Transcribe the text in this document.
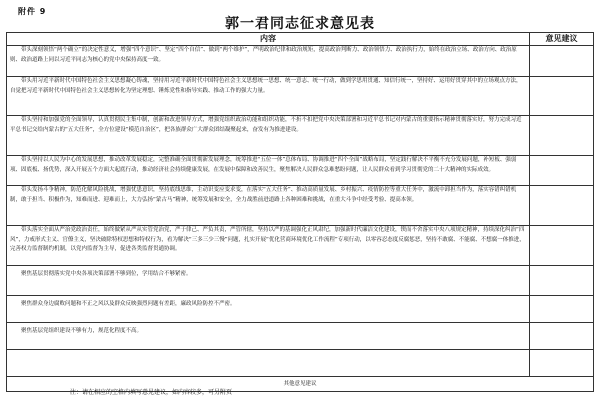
附件 9
郭一君同志征求意见表
内容	意见建议

带头深刻领悟“两个确立”的决定性意义，增强“四个意识”、坚定“四个自信”、做到“两个维护”，严明政治纪律和政治规矩，提高政治判断力、政治领悟力、政治执行力，始终在政治立场、政治方向、政治原则、政治道路上同以习近平同志为核心的党中央保持高度一致。	

带头用习近平新时代中国特色社会主义思想凝心铸魂，坚持用习近平新时代中国特色社会主义思想统一思想、统一意志、统一行动，做到学思用贯通、知信行统一，坚持好、运用好贯穿其中的立场观点方法，自觉把习近平新时代中国特色社会主义思想转化为坚定理想、锤炼党性和指导实践、推动工作的强大力量。	

带头坚持和加强党的全面领导，认真贯彻民主集中制，创新和改进领导方式，增强党组织政治功能和组织功能，不折不扣把党中央决策部署和习近平总书记对内蒙古的重要指示精神贯彻落实好，努力完成习近平总书记交给内蒙古的“五大任务”，全方位建设“模范自治区”，把各族群众广大群众团结凝聚起来，奋发有为推进建设。	

带头坚持以人民为中心的发展思想，推动改革发展稳定，完整准确全面贯彻新发展理念，统筹推进“五位一体”总体布局、协调推进“四个全面”战略布局，坚定践行解决不平衡不充分发展问题，补短板、强弱项、固底板、扬优势，深入开展五个方面大起底行动，推动经济社会持续健康发展，在发展中保障和改善民生，聚焦解决人民群众急难愁盼问题，让人民群众看到学习贯彻党的二十大精神的实际成效。	

带头发扬斗争精神，防范化解风险挑战，增强忧患意识，坚持底线思维，主动识变应变求变，在落实“五大任务”、推动高质量发展、乡村振兴、疫情防控等重大任务中，激流中卸担当作为，落实容错纠错机制，敢于担当、积极作为，知难而进、迎难而上，大力弘扬“蒙古马”精神，统筹发展和安全，全力战胜前进道路上各种困难和挑战，在重大斗争中经受考验、提高本领。	

带头落实全面从严治党政治责任，始终做紧从严从实管党治党，严于律己、严负其责，严管所辖，坚持以严的基调强化正风肃纪，加强新时代廉洁文化建设，锲而不舍落实中央八项规定精神，持续深化纠治“四风”，力戒形式主义、官僚主义，坚决破除特权思想和特权行为，看为解决“三多三少三慢”问题，扎实开展“优化营商环境优化工作流程”专项行动，以零容忍态度反腐惩恶，坚持不敢腐、不能腐、不想腐一体推进，完善权力监督制约机制，以党内监督为主导，促进各类监督贯通协调。	

聚焦基层贯彻落实党中央各项决策部署不够到位，学用结合不够紧密。	

聚焦群众身边腐败问题和不正之风以及群众反映强烈问题有差距，廉政风险防控不严密。	

聚焦基层党组织建设不够有力，规范化程度不高。	

其他意见建议	
注：请在相应的空格内填写意见建议，如内容较多，可另附页
